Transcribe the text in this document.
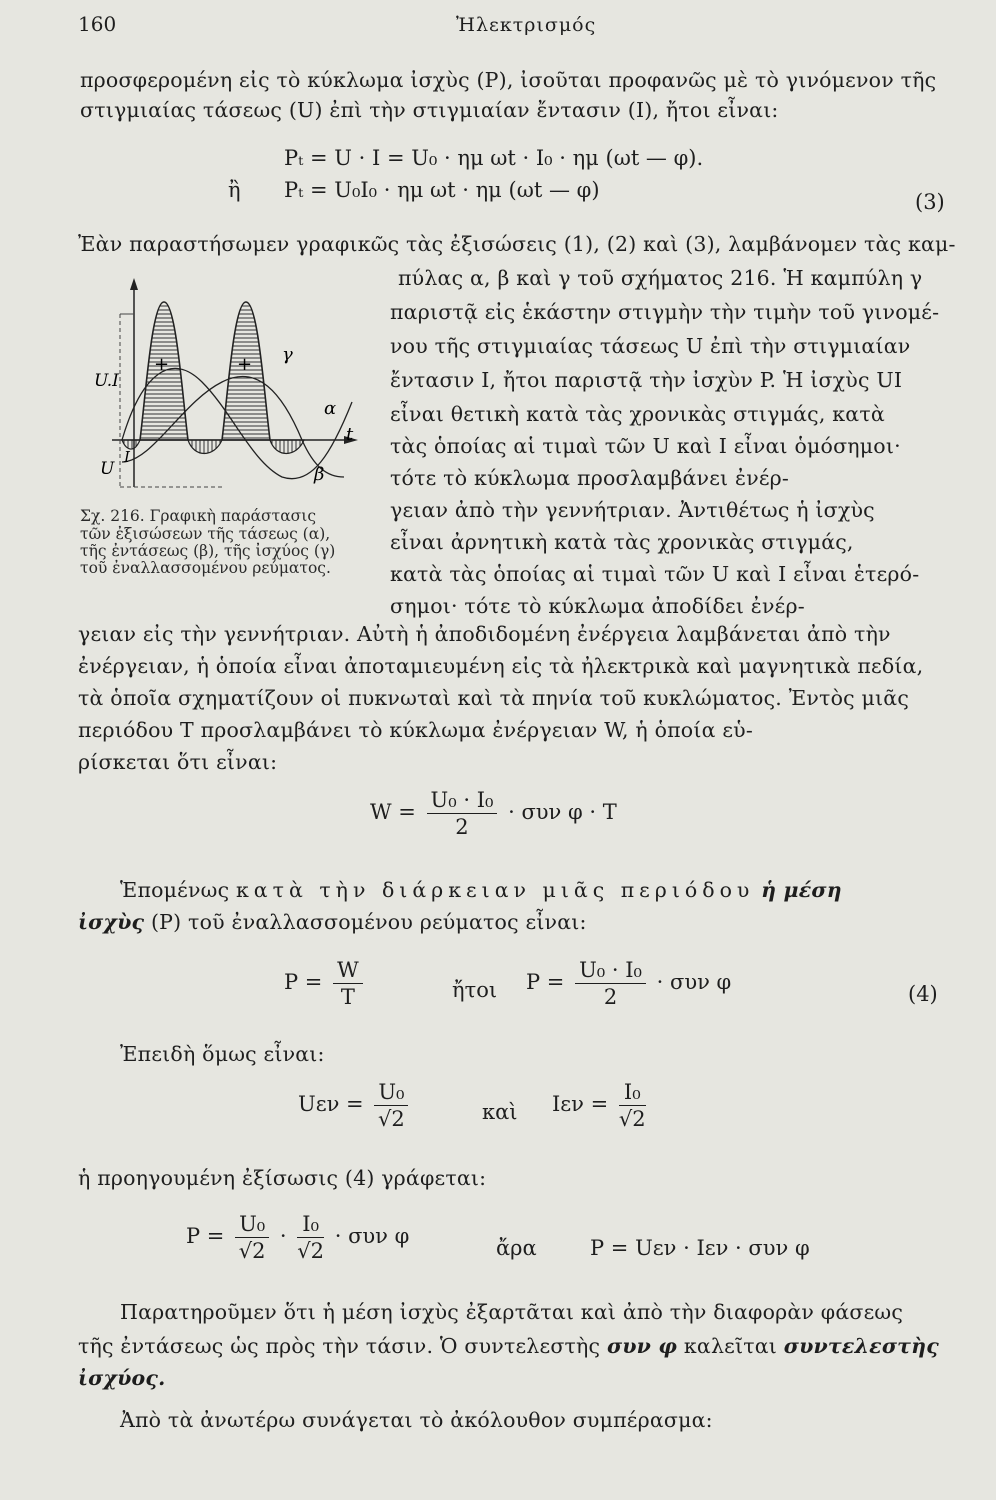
160	Ἠλεκτρισμός
προσφερομένη εἰς τὸ κύκλωμα ἰσχὺς (P), ἰσοῦται προφανῶς μὲ τὸ γινόμενον τῆς
στιγμιαίας τάσεως (U) ἐπὶ τὴν στιγμιαίαν ἔντασιν (I), ἤτοι εἶναι:
Pₜ = U · I = U₀ · ημ ωt · I₀ · ημ (ωt — φ).
ἢ Pₜ = U₀I₀ · ημ ωt · ημ (ωt — φ)	(3)
Ἐὰν παραστήσωμεν γραφικῶς τὰς ἐξισώσεις (1), (2) καὶ (3), λαμβάνομεν τὰς καμ-
πύλας α, β καὶ γ τοῦ σχήματος 216. Ἡ καμπύλη γ
παριστᾷ εἰς ἑκάστην στιγμὴν τὴν τιμὴν τοῦ γινομέ-
νου τῆς στιγμιαίας τάσεως U ἐπὶ τὴν στιγμιαίαν
ἔντασιν I, ἤτοι παριστᾷ τὴν ἰσχὺν P. Ἡ ἰσχὺς UI
εἶναι θετικὴ κατὰ τὰς χρονικὰς στιγμάς, κατὰ
τὰς ὁποίας αἱ τιμαὶ τῶν U καὶ I εἶναι ὁμόσημοι·
τότε τὸ κύκλωμα προσλαμβάνει ἐνέρ-
γειαν ἀπὸ τὴν γεννήτριαν. Ἀντιθέτως ἡ ἰσχὺς
εἶναι ἀρνητικὴ κατὰ τὰς χρονικὰς στιγμάς,
κατὰ τὰς ὁποίας αἱ τιμαὶ τῶν U καὶ I εἶναι ἑτερό-
σημοι· τότε τὸ κύκλωμα ἀποδίδει ἐνέρ-
+	+
U.I
t
U
I
α
β
γ
Σχ. 216. Γραφικὴ παράστασις
τῶν ἐξισώσεων τῆς τάσεως (α),
τῆς ἐντάσεως (β), τῆς ἰσχύος (γ)
τοῦ ἐναλλασσομένου ρεύματος.
γειαν εἰς τὴν γεννήτριαν. Αὐτὴ ἡ ἀποδιδομένη ἐνέργεια λαμβάνεται ἀπὸ τὴν
ἐνέργειαν, ἡ ὁποία εἶναι ἀποταμιευμένη εἰς τὰ ἠλεκτρικὰ καὶ μαγνητικὰ πεδία,
τὰ ὁποῖα σχηματίζουν οἱ πυκνωταὶ καὶ τὰ πηνία τοῦ κυκλώματος. Ἐντὸς μιᾶς
περιόδου T προσλαμβάνει τὸ κύκλωμα ἐνέργειαν W, ἡ ὁποία εὑ-
ρίσκεται ὅτι εἶναι:
$W = \frac{\text{U₀ · I₀}}{2} \cdot \sigma\upsilon\nu$ φ · T
Ἑπομένως κατὰ τὴν διάρκειαν μιᾶς περιόδου ἡ μέση
ἰσχὺς (P) τοῦ ἐναλλασσομένου ρεύματος εἶναι:
$P = \frac{W}{T}$	ἤτοι $P = \frac{\text{U₀ · I₀}}{2} \cdot \sigma\upsilon\nu$ φ	(4)
Ἐπειδὴ ὅμως εἶναι:
$U\varepsilon\nu = \frac{\text{U₀}}{√2}$	καὶ $I\varepsilon\nu = \frac{\text{I₀}}{√2}$
ἡ προηγουμένη ἐξίσωσις (4) γράφεται:
$P = \frac{\text{U₀}}{√2} \cdot \frac{\text{I₀}}{√2} \cdot \sigma\upsilon\nu$ φ	ἄρα	P = Uεν · Iεν · συν φ
Παρατηροῦμεν ὅτι ἡ μέση ἰσχὺς ἐξαρτᾶται καὶ ἀπὸ τὴν διαφορὰν φάσεως
τῆς ἐντάσεως ὡς πρὸς τὴν τάσιν. Ὁ συντελεστὴς συν φ καλεῖται συντελεστὴς
ἰσχύος.
Ἀπὸ τὰ ἀνωτέρω συνάγεται τὸ ἀκόλουθον συμπέρασμα:
